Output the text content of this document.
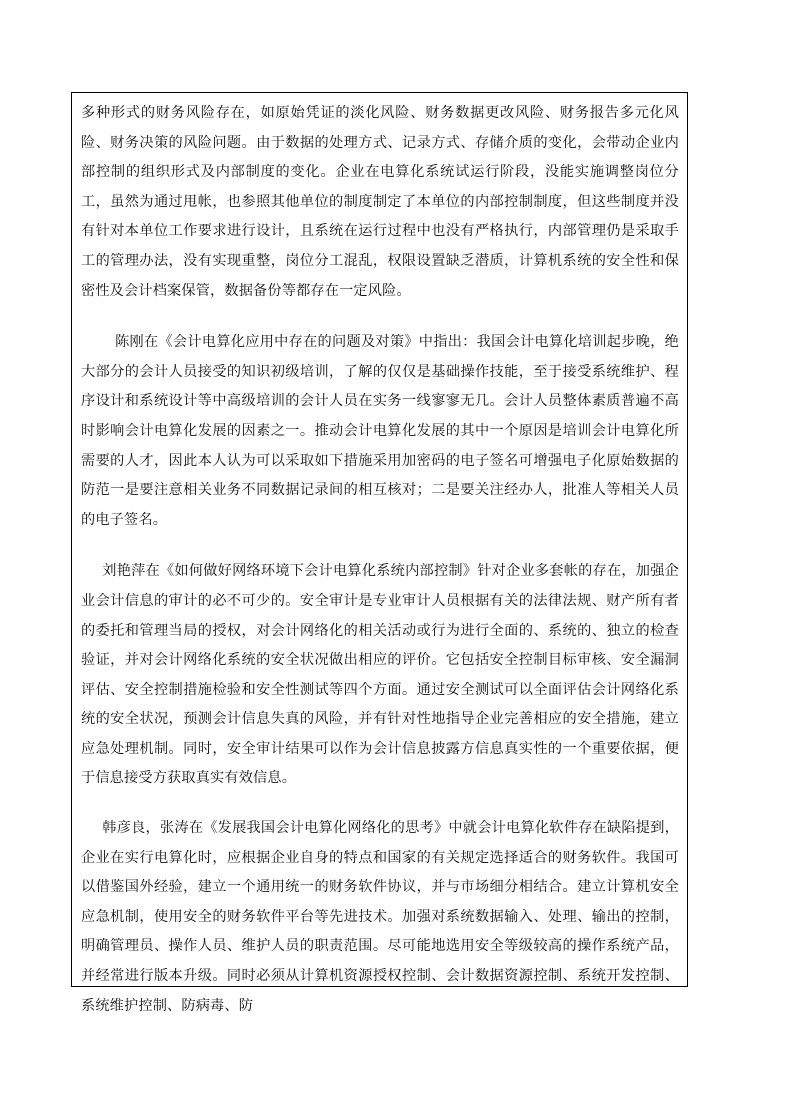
多种形式的财务风险存在，如原始凭证的淡化风险、财务数据更改风险、财务报告多元化风险、财务决策的风险问题。由于数据的处理方式、记录方式、存储介质的变化，会带动企业内部控制的组织形式及内部制度的变化。企业在电算化系统试运行阶段，没能实施调整岗位分工，虽然为通过甩帐，也参照其他单位的制度制定了本单位的内部控制制度，但这些制度并没有针对本单位工作要求进行设计，且系统在运行过程中也没有严格执行，内部管理仍是采取手工的管理办法，没有实现重整，岗位分工混乱，权限设置缺乏潜质，计算机系统的安全性和保密性及会计档案保管，数据备份等都存在一定风险。

陈刚在《会计电算化应用中存在的问题及对策》中指出：我国会计电算化培训起步晚，绝大部分的会计人员接受的知识初级培训，了解的仅仅是基础操作技能，至于接受系统维护、程序设计和系统设计等中高级培训的会计人员在实务一线寥寥无几。会计人员整体素质普遍不高时影响会计电算化发展的因素之一。推动会计电算化发展的其中一个原因是培训会计电算化所需要的人才，因此本人认为可以采取如下措施采用加密码的电子签名可增强电子化原始数据的防范一是要注意相关业务不同数据记录间的相互核对；二是要关注经办人，批准人等相关人员的电子签名。

刘艳萍在《如何做好网络环境下会计电算化系统内部控制》针对企业多套帐的存在，加强企业会计信息的审计的必不可少的。安全审计是专业审计人员根据有关的法律法规、财产所有者的委托和管理当局的授权，对会计网络化的相关活动或行为进行全面的、系统的、独立的检查验证，并对会计网络化系统的安全状况做出相应的评价。它包括安全控制目标审核、安全漏洞评估、安全控制措施检验和安全性测试等四个方面。通过安全测试可以全面评估会计网络化系统的安全状况，预测会计信息失真的风险，并有针对性地指导企业完善相应的安全措施，建立应急处理机制。同时，安全审计结果可以作为会计信息披露方信息真实性的一个重要依据，便于信息接受方获取真实有效信息。

韩彦良，张涛在《发展我国会计电算化网络化的思考》中就会计电算化软件存在缺陷提到，企业在实行电算化时，应根据企业自身的特点和国家的有关规定选择适合的财务软件。我国可以借鉴国外经验，建立一个通用统一的财务软件协议，并与市场细分相结合。建立计算机安全应急机制，使用安全的财务软件平台等先进技术。加强对系统数据输入、处理、输出的控制，明确管理员、操作人员、维护人员的职责范围。尽可能地选用安全等级较高的操作系统产品，并经常进行版本升级。同时必须从计算机资源授权控制、会计数据资源控制、系统开发控制、系统维护控制、防病毒、防
